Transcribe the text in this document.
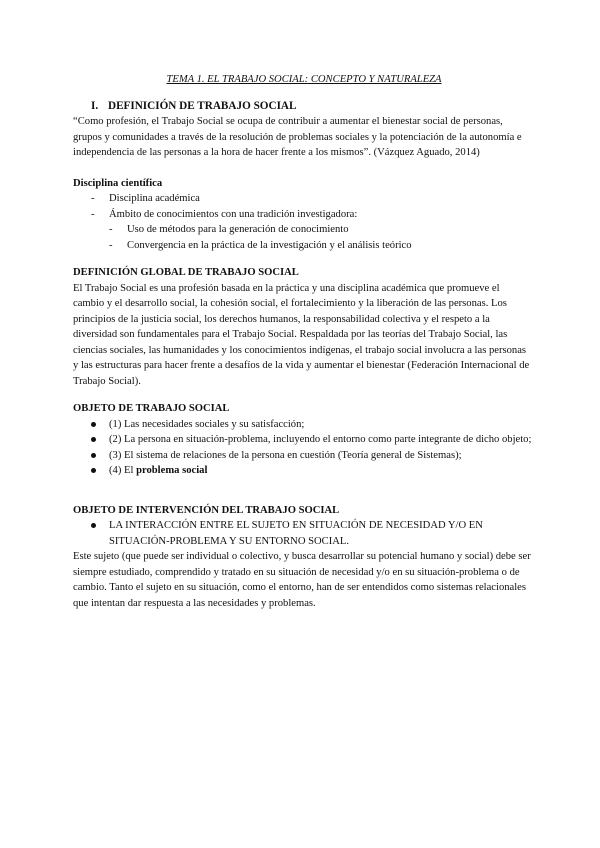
TEMA 1. EL TRABAJO SOCIAL: CONCEPTO Y NATURALEZA

I. DEFINICIÓN DE TRABAJO SOCIAL

“Como profesión, el Trabajo Social se ocupa de contribuir a aumentar el bienestar social de personas, grupos y comunidades a través de la resolución de problemas sociales y la potenciación de la autonomía e independencia de las personas a la hora de hacer frente a los mismos”. (Vázquez Aguado, 2014)

Disciplina científica

- Disciplina académica
- Ámbito de conocimientos con una tradición investigadora:
- Uso de métodos para la generación de conocimiento
- Convergencia en la práctica de la investigación y el análisis teórico

DEFINICIÓN GLOBAL DE TRABAJO SOCIAL

El Trabajo Social es una profesión basada en la práctica y una disciplina académica que promueve el cambio y el desarrollo social, la cohesión social, el fortalecimiento y la liberación de las personas. Los principios de la justicia social, los derechos humanos, la responsabilidad colectiva y el respeto a la diversidad son fundamentales para el Trabajo Social. Respaldada por las teorías del Trabajo Social, las ciencias sociales, las humanidades y los conocimientos indígenas, el trabajo social involucra a las personas y las estructuras para hacer frente a desafíos de la vida y aumentar el bienestar (Federación Internacional de Trabajo Social).

OBJETO DE TRABAJO SOCIAL

(1) Las necesidades sociales y su satisfacción;
(2) La persona en situación-problema, incluyendo el entorno como parte integrante de dicho objeto;
(3) El sistema de relaciones de la persona en cuestión (Teoría general de Sistemas);
(4) El problema social

OBJETO DE INTERVENCIÓN DEL TRABAJO SOCIAL

LA INTERACCIÓN ENTRE EL SUJETO EN SITUACIÓN DE NECESIDAD Y/O EN SITUACIÓN-PROBLEMA Y SU ENTORNO SOCIAL.

Este sujeto (que puede ser individual o colectivo, y busca desarrollar su potencial humano y social) debe ser siempre estudiado, comprendido y tratado en su situación de necesidad y/o en su situación-problema o de cambio. Tanto el sujeto en su situación, como el entorno, han de ser entendidos como sistemas relacionales que intentan dar respuesta a las necesidades y problemas.
